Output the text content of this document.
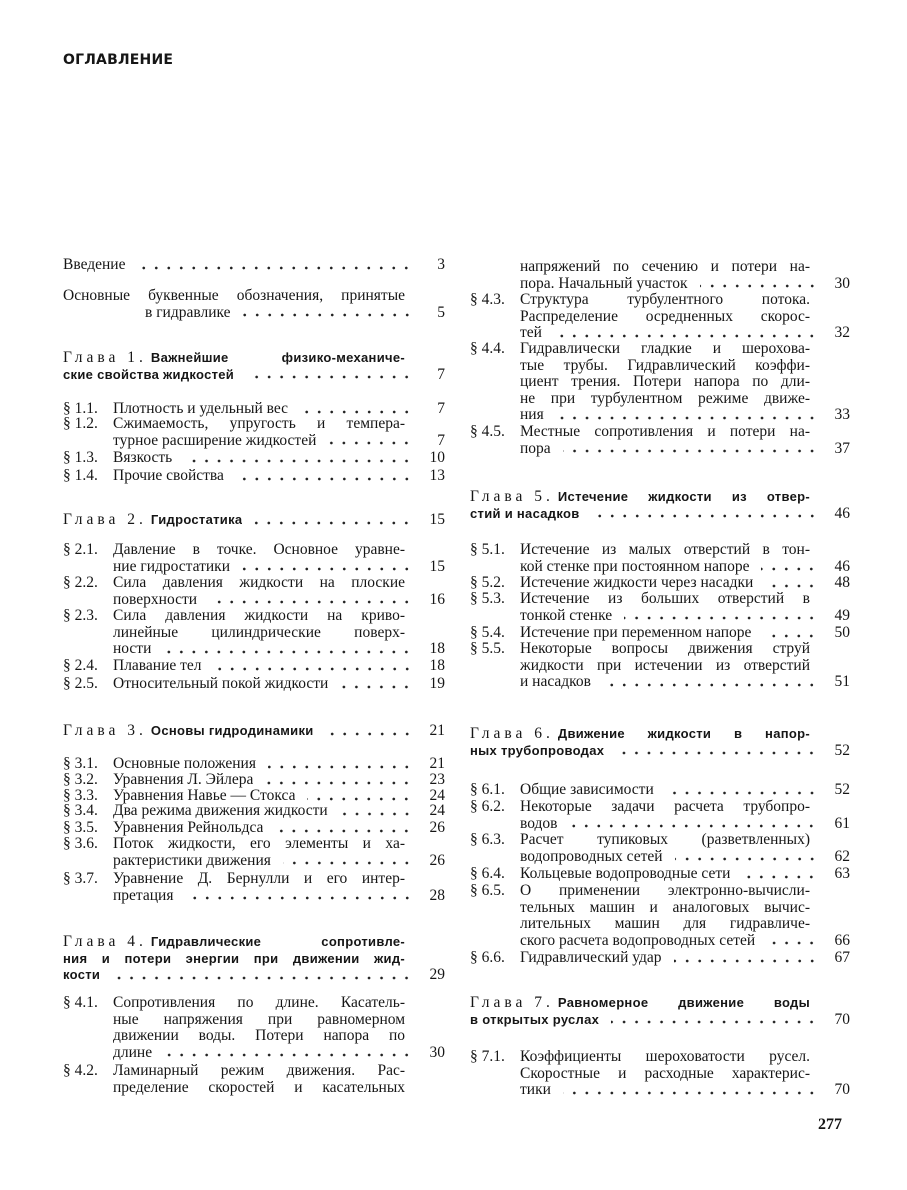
ОГЛАВЛЕНИЕ
Введение	3
Основные буквенные обозначения, принятые
в гидравлике	5
Глава 1. Важнейшие физико-механиче-
ские свойства жидкостей	7
§ 1.1. Плотность и удельный вес	7
§ 1.2. Сжимаемость, упругость и темпера-
турное расширение жидкостей	7
§ 1.3. Вязкость	10
§ 1.4. Прочие свойства	13
Глава 2. Гидростатика	15
§ 2.1. Давление в точке. Основное уравне-
ние гидростатики	15
§ 2.2. Сила давления жидкости на плоские
поверхности	16
§ 2.3. Сила давления жидкости на криво-
линейные цилиндрические поверх-
ности	18
§ 2.4. Плавание тел	18
§ 2.5. Относительный покой жидкости	19
Глава 3. Основы гидродинамики	21
§ 3.1. Основные положения	21
§ 3.2. Уравнения Л. Эйлера	23
§ 3.3. Уравнения Навье — Стокса	24
§ 3.4. Два режима движения жидкости	24
§ 3.5. Уравнения Рейнольдса	26
§ 3.6. Поток жидкости, его элементы и ха-
рактеристики движения	26
§ 3.7. Уравнение Д. Бернулли и его интер-
претация	28
Глава 4. Гидравлические сопротивле-
ния и потери энергии при движении жид-
кости	29
§ 4.1. Сопротивления по длине. Касатель-
ные напряжения при равномерном
движении воды. Потери напора по
длине	30
§ 4.2. Ламинарный режим движения. Рас-
пределение скоростей и касательных
напряжений по сечению и потери на-
пора. Начальный участок	30
§ 4.3. Структура турбулентного потока.
Распределение осредненных скорос-
тей	32
§ 4.4. Гидравлически гладкие и шерохова-
тые трубы. Гидравлический коэффи-
циент трения. Потери напора по дли-
не при турбулентном режиме движе-
ния	33
§ 4.5. Местные сопротивления и потери на-
пора	37
Глава 5. Истечение жидкости из отвер-
стий и насадков	46
§ 5.1. Истечение из малых отверстий в тон-
кой стенке при постоянном напоре	46
§ 5.2. Истечение жидкости через насадки	48
§ 5.3. Истечение из больших отверстий в
тонкой стенке	49
§ 5.4. Истечение при переменном напоре	50
§ 5.5. Некоторые вопросы движения струй
жидкости при истечении из отверстий
и насадков	51
Глава 6. Движение жидкости в напор-
ных трубопроводах	52
§ 6.1. Общие зависимости	52
§ 6.2. Некоторые задачи расчета трубопро-
водов	61
§ 6.3. Расчет тупиковых (разветвленных)
водопроводных сетей	62
§ 6.4. Кольцевые водопроводные сети	63
§ 6.5. О применении электронно-вычисли-
тельных машин и аналоговых вычис-
лительных машин для гидравличе-
ского расчета водопроводных сетей	66
§ 6.6. Гидравлический удар	67
Глава 7. Равномерное движение воды
в открытых руслах	70
§ 7.1. Коэффициенты шероховатости русел.
Скоростные и расходные характерис-
тики	70
277
